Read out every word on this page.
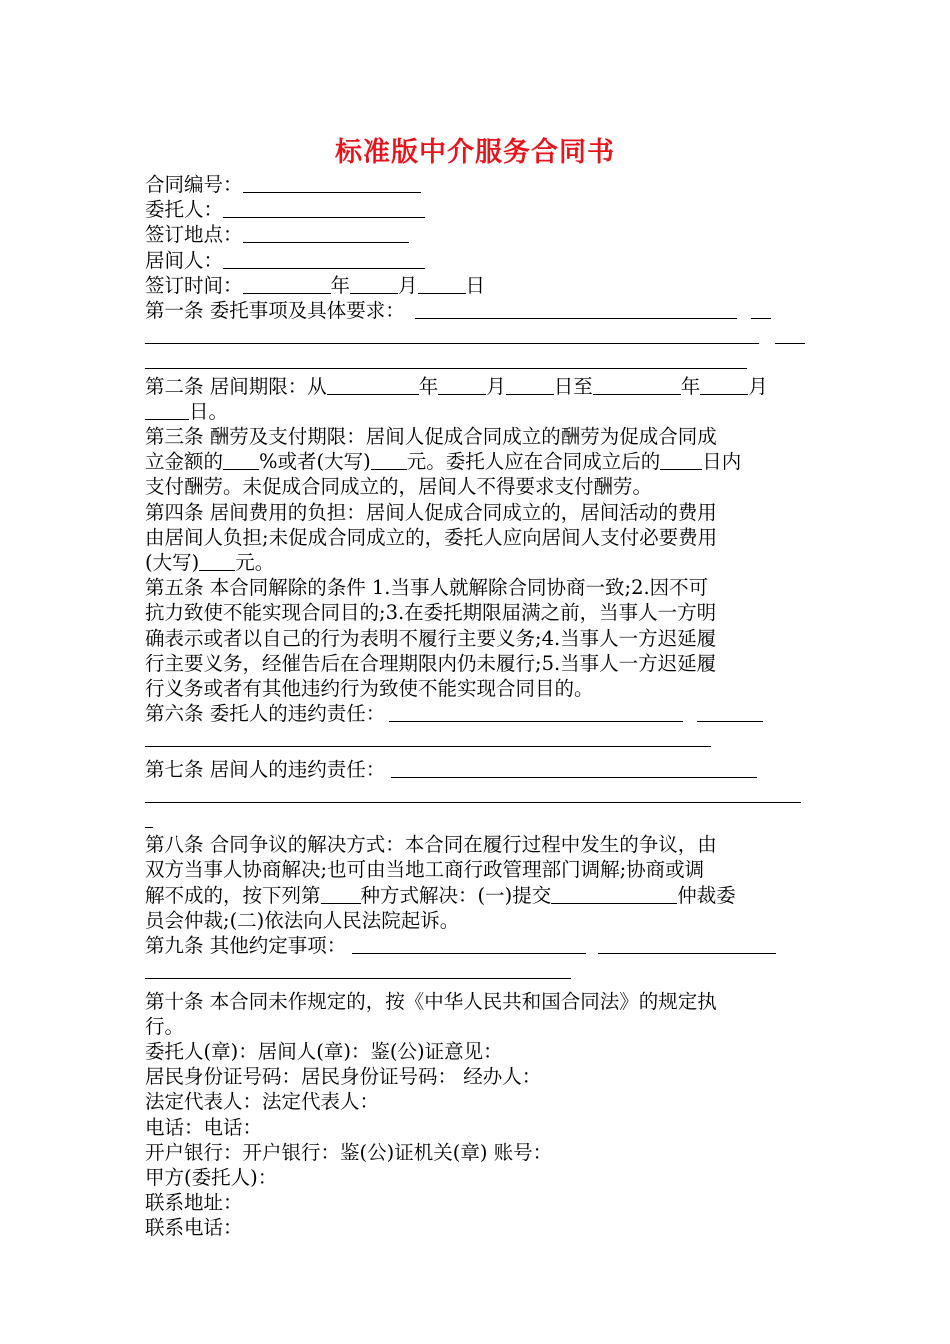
标准版中介服务合同书
合同编号：
委托人：
签订地点：
居间人：
签订时间：	年 月 日
第一条 委托事项及具体要求：
第二条 居间期限：从	年 月 日至	年 月
日。
第三条 酬劳及支付期限：居间人促成合同成立的酬劳为促成合同成
立金额的 %或者(大写) 元。委托人应在合同成立后的 日内
支付酬劳。未促成合同成立的，居间人不得要求支付酬劳。
第四条 居间费用的负担：居间人促成合同成立的，居间活动的费用
由居间人负担;未促成合同成立的，委托人应向居间人支付必要费用
(大写) 元。
第五条 本合同解除的条件 1.当事人就解除合同协商一致;2.因不可
抗力致使不能实现合同目的;3.在委托期限届满之前，当事人一方明
确表示或者以自己的行为表明不履行主要义务;4.当事人一方迟延履
行主要义务，经催告后在合理期限内仍未履行;5.当事人一方迟延履
行义务或者有其他违约行为致使不能实现合同目的。
第六条 委托人的违约责任：
第七条 居间人的违约责任：
第八条 合同争议的解决方式：本合同在履行过程中发生的争议，由
双方当事人协商解决;也可由当地工商行政管理部门调解;协商或调
解不成的，按下列第 种方式解决：(一)提交	仲裁委
员会仲裁;(二)依法向人民法院起诉。
第九条 其他约定事项：
第十条 本合同未作规定的，按《中华人民共和国合同法》的规定执
行。
委托人(章)：居间人(章)：鉴(公)证意见：
居民身份证号码：居民身份证号码： 经办人：
法定代表人：法定代表人：
电话：电话：
开户银行：开户银行：鉴(公)证机关(章) 账号：
甲方(委托人)：
联系地址：
联系电话：
